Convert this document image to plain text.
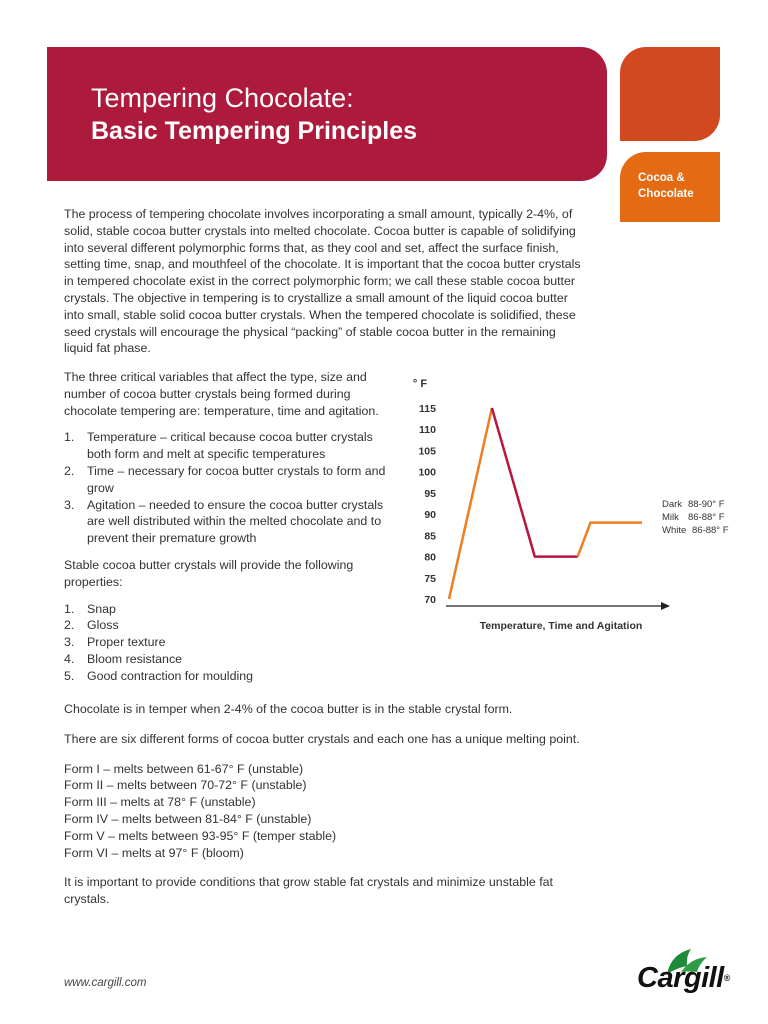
Tempering Chocolate:
Basic Tempering Principles
Cocoa &
Chocolate

The process of tempering chocolate involves incorporating a small amount, typically 2-4%, of solid, stable cocoa butter crystals into melted chocolate. Cocoa butter is capable of solidifying into several different polymorphic forms that, as they cool and set, affect the surface finish, setting time, snap, and mouthfeel of the chocolate. It is important that the cocoa butter crystals in tempered chocolate exist in the correct polymorphic form; we call these stable cocoa butter crystals. The objective in tempering is to crystallize a small amount of the liquid cocoa butter into small, stable solid cocoa butter crystals. When the tempered chocolate is solidified, these seed crystals will encourage the physical “packing” of stable cocoa butter in the remaining liquid fat phase.

The three critical variables that affect the type, size and number of cocoa butter crystals being formed during chocolate tempering are: temperature, time and agitation.

1. Temperature – critical because cocoa butter crystals both form and melt at specific temperatures
2. Time – necessary for cocoa butter crystals to form and grow
3. Agitation – needed to ensure the cocoa butter crystals are well distributed within the melted chocolate and to prevent their premature growth

Stable cocoa butter crystals will provide the following properties:

1. Snap
2. Gloss
3. Proper texture
4. Bloom resistance
5. Good contraction for moulding

Chocolate is in temper when 2-4% of the cocoa butter is in the stable crystal form.

There are six different forms of cocoa butter crystals and each one has a unique melting point.

Form I – melts between 61-67° F (unstable)
Form II – melts between 70-72° F (unstable)
Form III – melts at 78° F (unstable)
Form IV – melts between 81-84° F (unstable)
Form V – melts between 93-95° F (temper stable)
Form VI – melts at 97° F (bloom)

It is important to provide conditions that grow stable fat crystals and minimize unstable fat crystals.

° F
115
110
105
100
95
90
85
80
75
70
Temperature, Time and Agitation
Dark 88-90° F
Milk 86-88° F
White 86-88° F
www.cargill.com	Cargill®
